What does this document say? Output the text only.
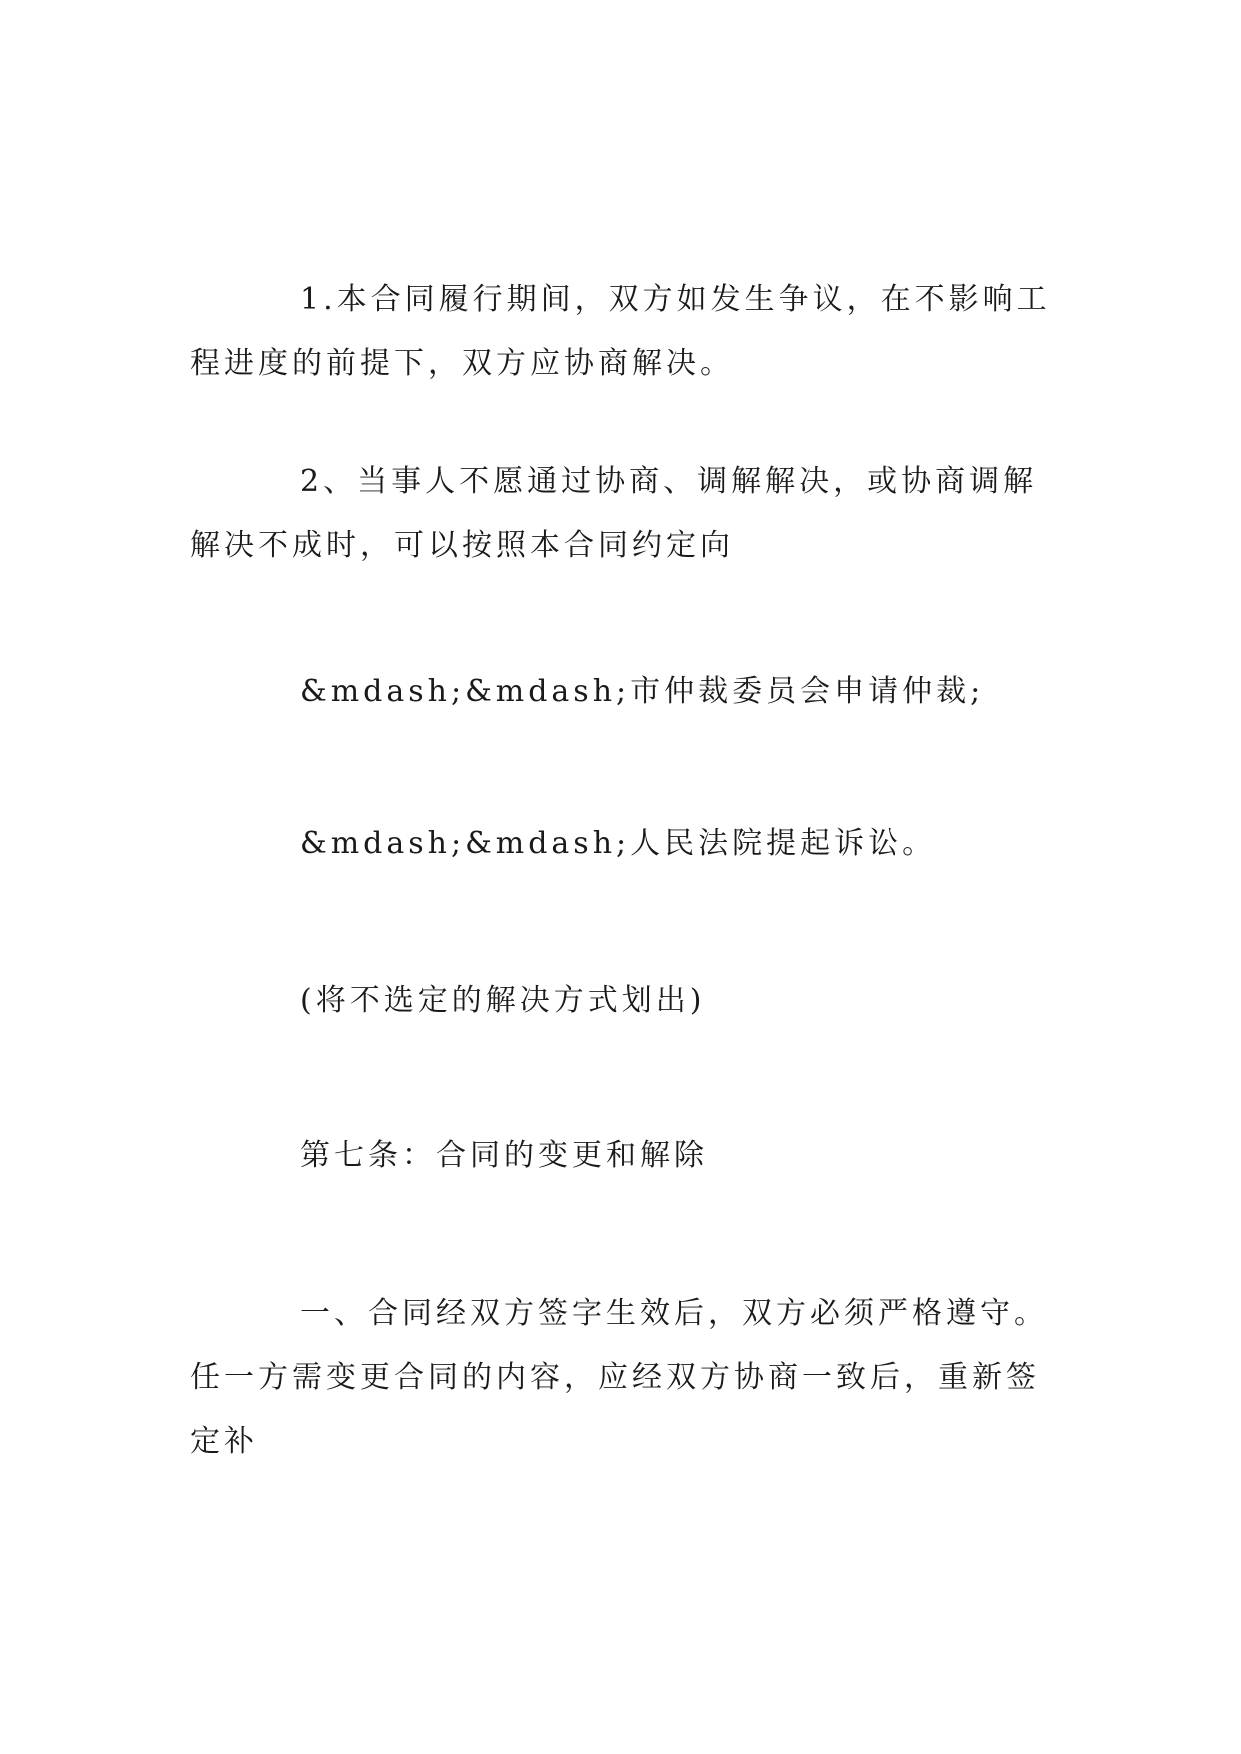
1.本合同履行期间，双方如发生争议，在不影响工程进度的前提下，双方应协商解决。

2、当事人不愿通过协商、调解解决，或协商调解解决不成时，可以按照本合同约定向

&mdash;&mdash;市仲裁委员会申请仲裁;

&mdash;&mdash;人民法院提起诉讼。

(将不选定的解决方式划出)

第七条：合同的变更和解除

一、合同经双方签字生效后，双方必须严格遵守。任一方需变更合同的内容，应经双方协商一致后，重新签定补
